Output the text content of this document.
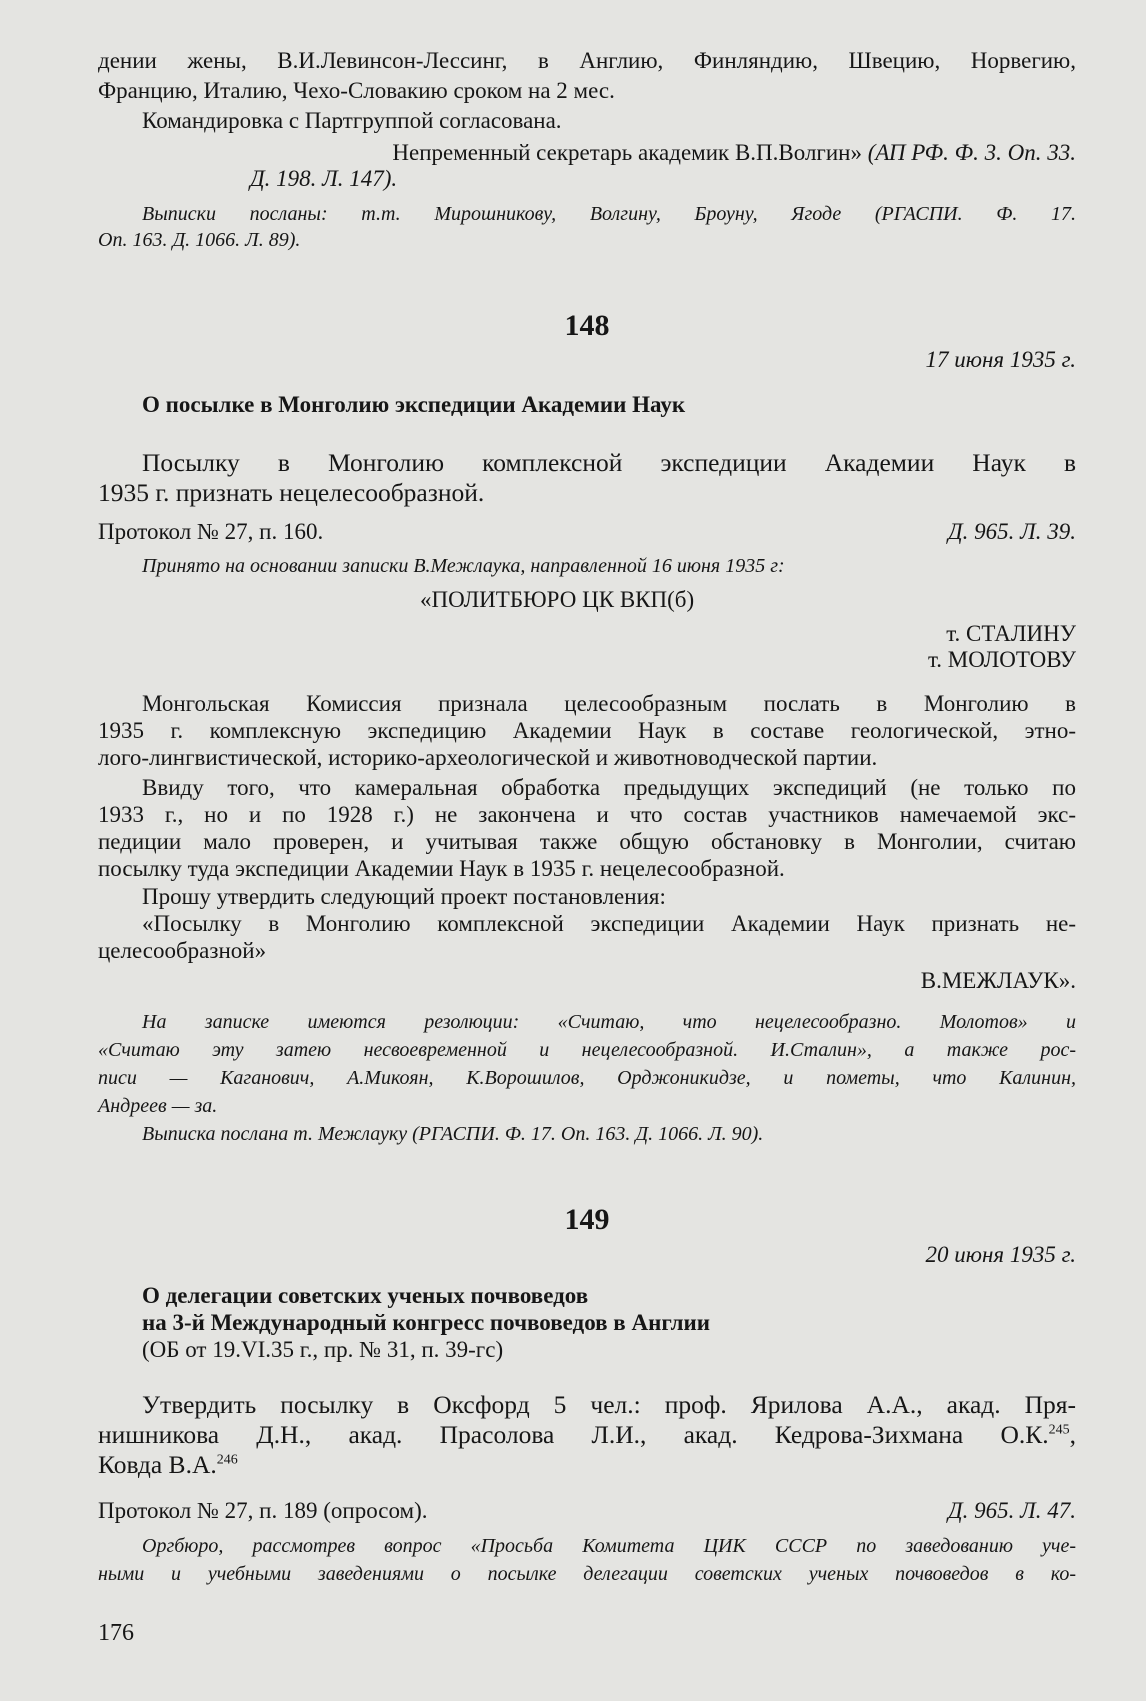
дении жены, В.И.Левинсон-Лессинг, в Англию, Финляндию, Швецию, Норвегию,

Францию, Италию, Чехо-Словакию сроком на 2 мес.

Командировка с Партгруппой согласована.

Непременный секретарь академик В.П.Волгин» (АП РФ. Ф. 3. Оп. 33.

Д. 198. Л. 147).

Выписки посланы: т.т. Мирошникову, Волгину, Броуну, Ягоде (РГАСПИ. Ф. 17.

Оп. 163. Д. 1066. Л. 89).

148

17 июня 1935 г.

О посылке в Монголию экспедиции Академии Наук

Посылку в Монголию комплексной экспедиции Академии Наук в

1935 г. признать нецелесообразной.

Протокол № 27, п. 160.	Д. 965. Л. 39.

Принято на основании записки В.Межлаука, направленной 16 июня 1935 г:

«ПОЛИТБЮРО ЦК ВКП(б)

т. СТАЛИНУ

т. МОЛОТОВУ

Монгольская Комиссия признала целесообразным послать в Монголию в

1935 г. комплексную экспедицию Академии Наук в составе геологической, этно-

лого-лингвистической, историко-археологической и животноводческой партии.

Ввиду того, что камеральная обработка предыдущих экспедиций (не только по

1933 г., но и по 1928 г.) не закончена и что состав участников намечаемой экс-

педиции мало проверен, и учитывая также общую обстановку в Монголии, считаю

посылку туда экспедиции Академии Наук в 1935 г. нецелесообразной.

Прошу утвердить следующий проект постановления:

«Посылку в Монголию комплексной экспедиции Академии Наук признать не-

целесообразной»

В.МЕЖЛАУК».

На записке имеются резолюции: «Считаю, что нецелесообразно. Молотов» и

«Считаю эту затею несвоевременной и нецелесообразной. И.Сталин», а также рос-

писи — Каганович, А.Микоян, К.Ворошилов, Орджоникидзе, и пометы, что Калинин,

Андреев — за.

Выписка послана т. Межлауку (РГАСПИ. Ф. 17. Оп. 163. Д. 1066. Л. 90).

149

20 июня 1935 г.

О делегации советских ученых почвоведов

на 3-й Международный конгресс почвоведов в Англии

(ОБ от 19.VI.35 г., пр. № 31, п. 39-гс)

Утвердить посылку в Оксфорд 5 чел.: проф. Ярилова А.А., акад. Пря-

нишникова Д.Н., акад. Прасолова Л.И., акад. Кедрова-Зихмана О.К.$^{245}$,

Ковда В.А.$^{246}$

Протокол № 27, п. 189 (опросом).	Д. 965. Л. 47.

Оргбюро, рассмотрев вопрос «Просьба Комитета ЦИК СССР по заведованию уче-

ными и учебными заведениями о посылке делегации советских ученых почвоведов в ко-

176
